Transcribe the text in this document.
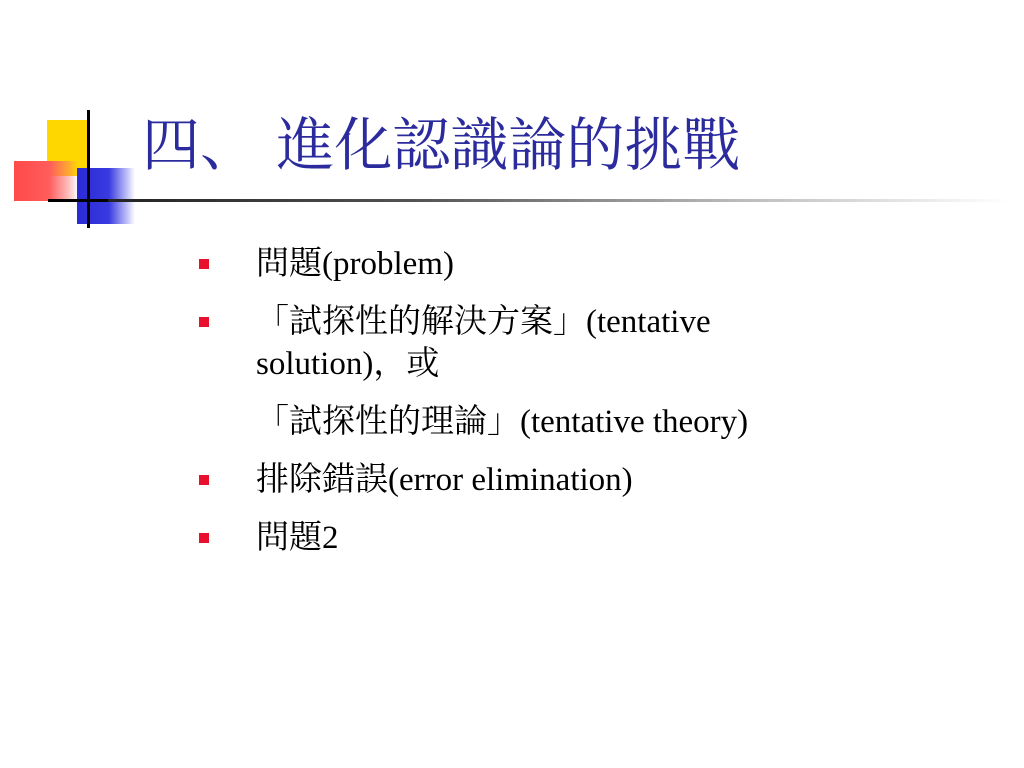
四、 進化認識論的挑戰
問題(problem)
「試探性的解決方案」(tentative
solution)，或
「試探性的理論」(tentative theory)
排除錯誤(error elimination)
問題2
